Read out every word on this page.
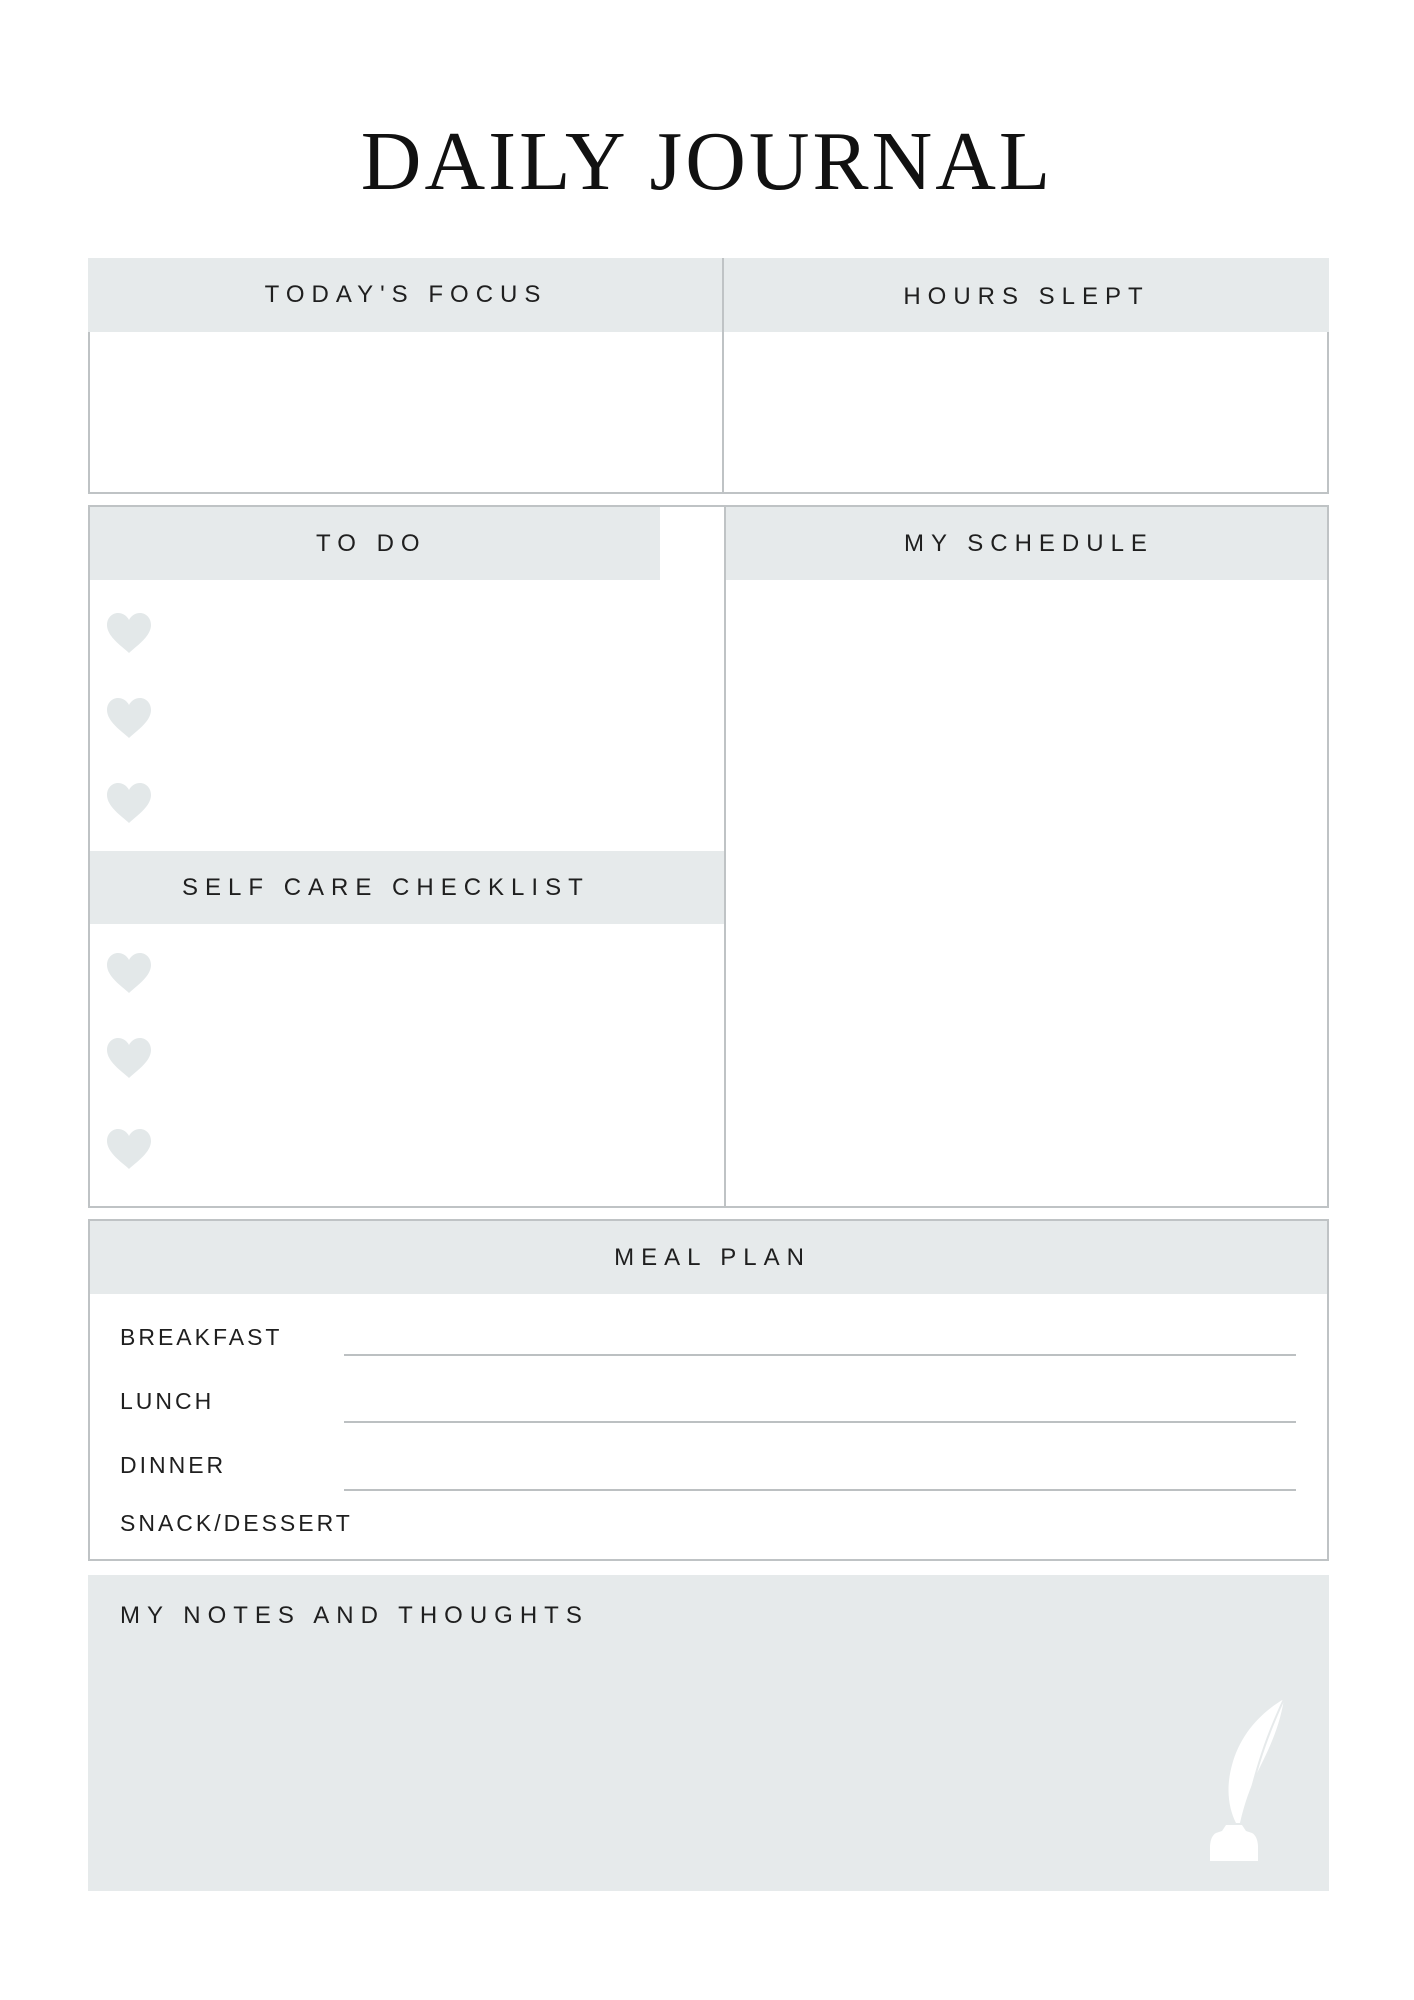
DAILY JOURNAL
TODAY'S FOCUS	HOURS SLEPT
TO DO	MY SCHEDULE
SELF CARE CHECKLIST
MEAL PLAN
BREAKFAST
LUNCH
DINNER
SNACK/DESSERT
MY NOTES AND THOUGHTS
